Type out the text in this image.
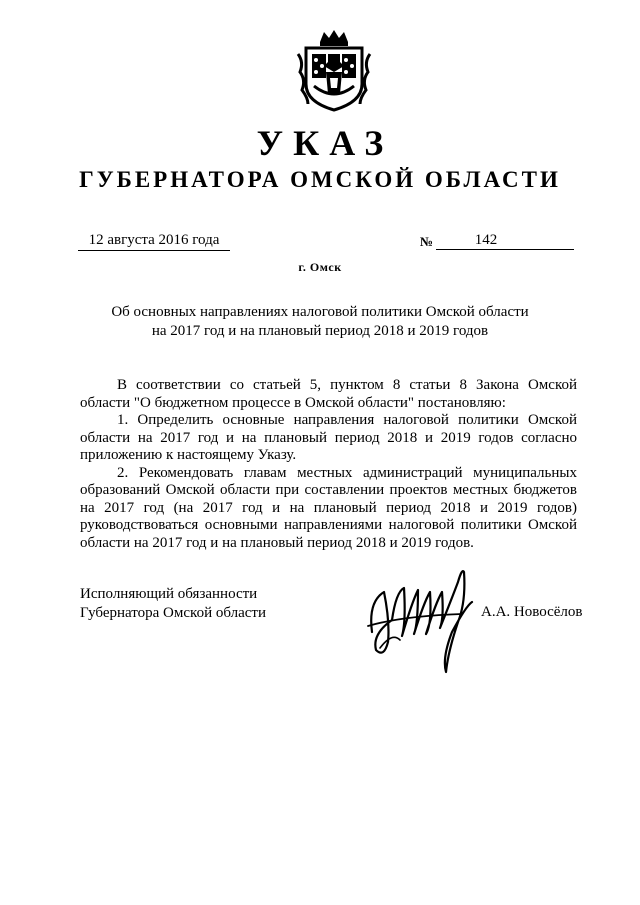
УКАЗ
ГУБЕРНАТОРА ОМСКОЙ ОБЛАСТИ
12 августа 2016 года	№	142
г. Омск
Об основных направлениях налоговой политики Омской области
на 2017 год и на плановый период 2018 и 2019 годов

В соответствии со статьей 5, пунктом 8 статьи 8 Закона Омской области "О бюджетном процессе в Омской области" постановляю:

1. Определить основные направления налоговой политики Омской области на 2017 год и на плановый период 2018 и 2019 годов согласно приложению к настоящему Указу.

2. Рекомендовать главам местных администраций муниципальных образований Омской области при составлении проектов местных бюджетов на 2017 год (на 2017 год и на плановый период 2018 и 2019 годов) руководствоваться основными направлениями налоговой политики Омской области на 2017 год и на плановый период 2018 и 2019 годов.

Исполняющий обязанности
Губернатора Омской области	А.А. Новосёлов
